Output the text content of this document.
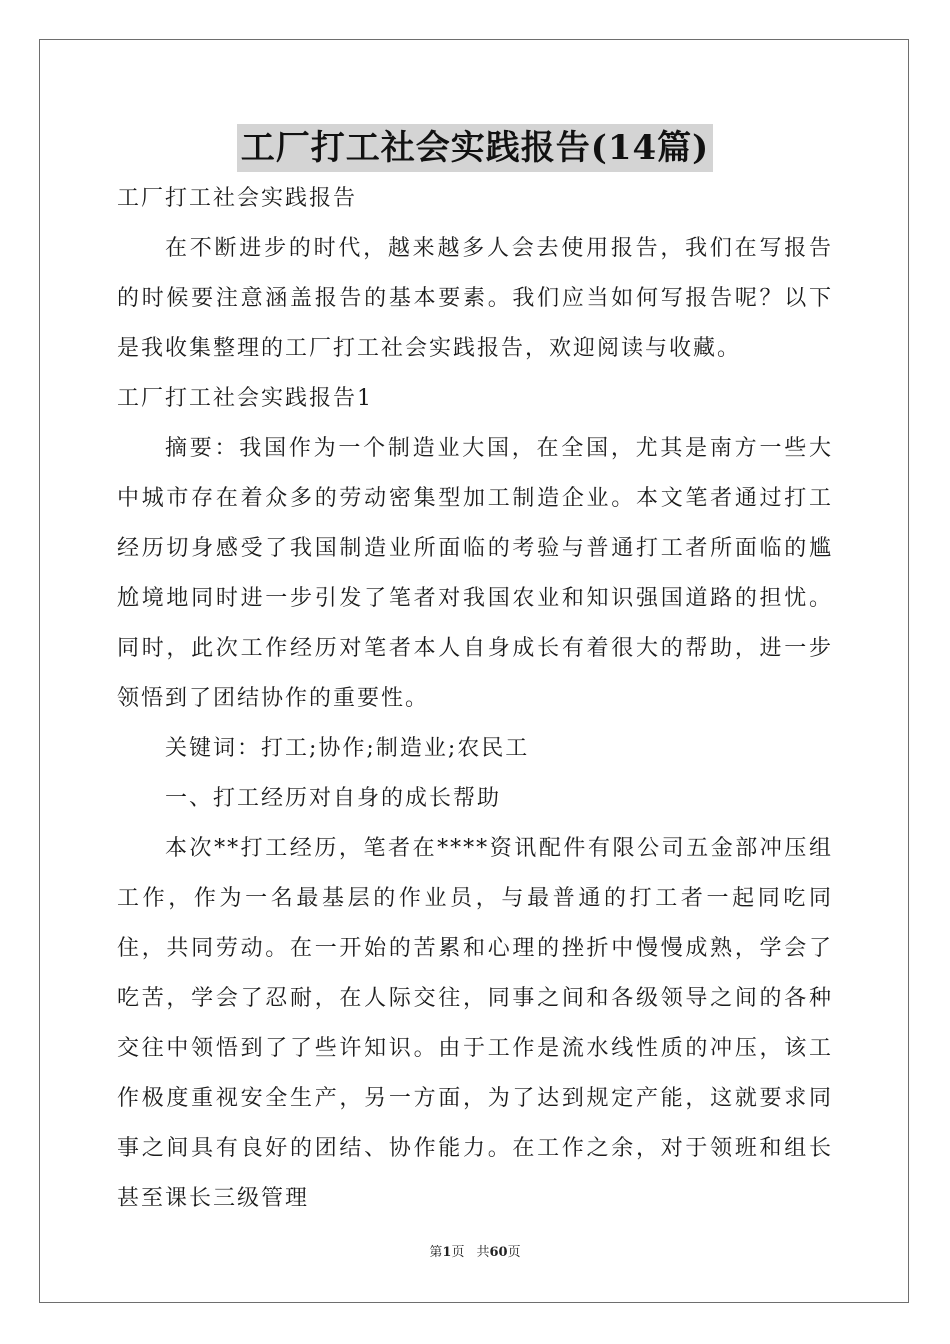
工厂打工社会实践报告(14篇)

工厂打工社会实践报告

在不断进步的时代，越来越多人会去使用报告，我们在写报告的时候要注意涵盖报告的基本要素。我们应当如何写报告呢？以下是我收集整理的工厂打工社会实践报告，欢迎阅读与收藏。

工厂打工社会实践报告1

摘要：我国作为一个制造业大国，在全国，尤其是南方一些大中城市存在着众多的劳动密集型加工制造企业。本文笔者通过打工经历切身感受了我国制造业所面临的考验与普通打工者所面临的尴尬境地同时进一步引发了笔者对我国农业和知识强国道路的担忧。同时，此次工作经历对笔者本人自身成长有着很大的帮助，进一步领悟到了团结协作的重要性。

关键词：打工;协作;制造业;农民工

一、打工经历对自身的成长帮助

本次**打工经历，笔者在****资讯配件有限公司五金部冲压组工作，作为一名最基层的作业员，与最普通的打工者一起同吃同住，共同劳动。在一开始的苦累和心理的挫折中慢慢成熟，学会了吃苦，学会了忍耐，在人际交往，同事之间和各级领导之间的各种交往中领悟到了了些许知识。由于工作是流水线性质的冲压，该工作极度重视安全生产，另一方面，为了达到规定产能，这就要求同事之间具有良好的团结、协作能力。在工作之余，对于领班和组长甚至课长三级管理

第1页 共60页
